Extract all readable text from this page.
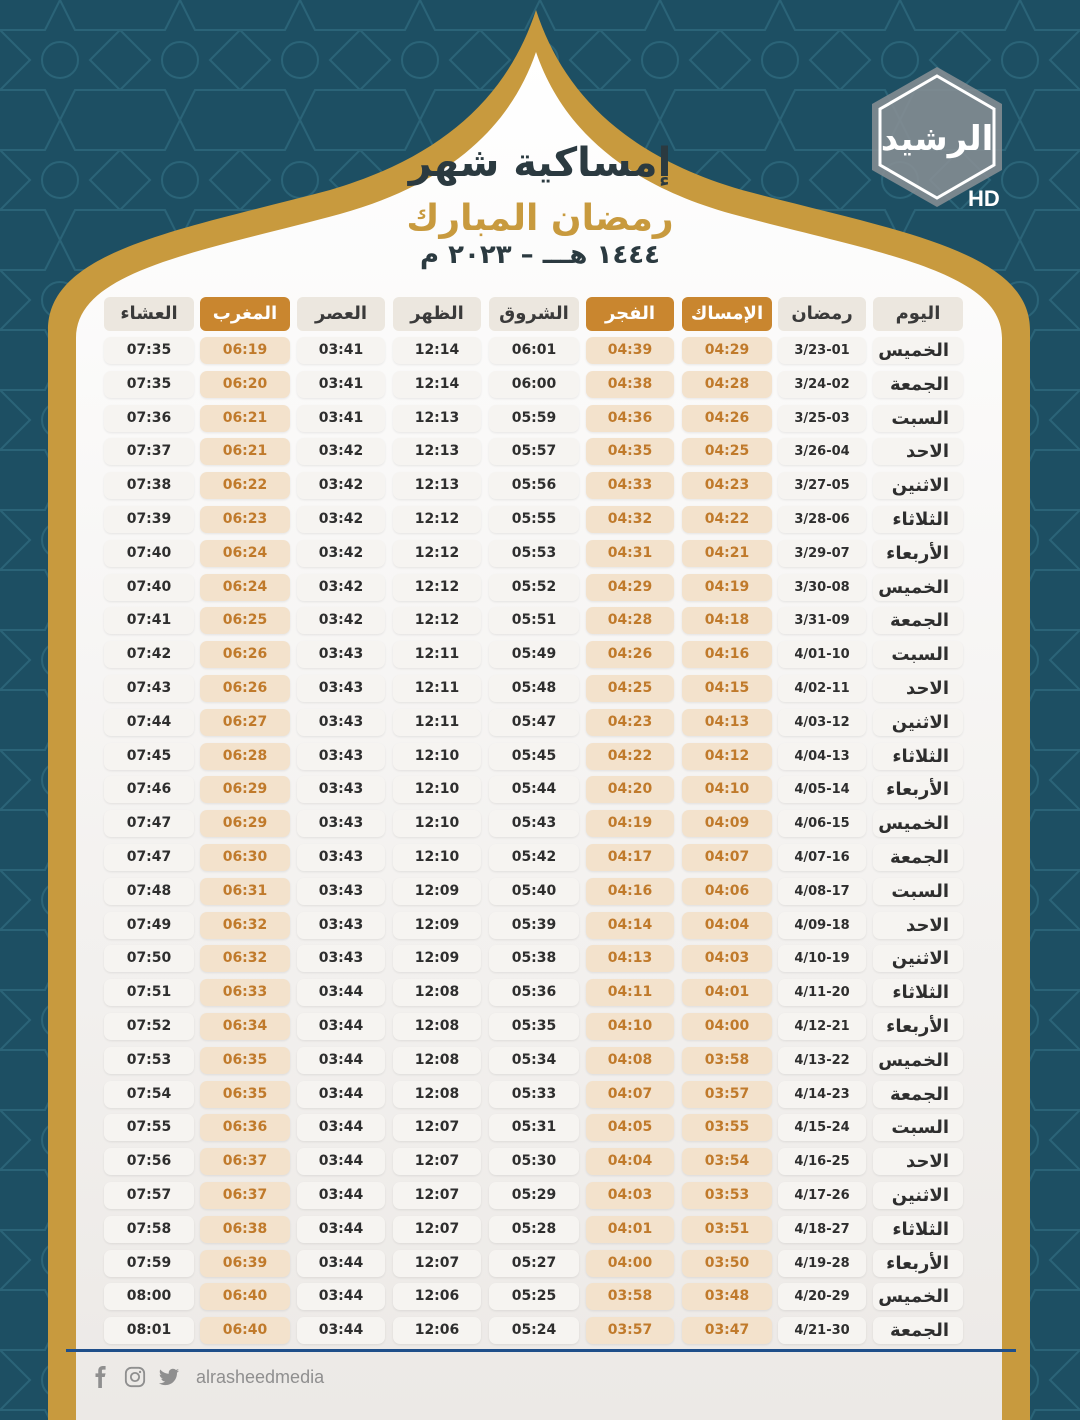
إمساكية شهر
رمضان المبارك
١٤٤٤ هـــ – ٢٠٢٣ م
الرشيد
HD
اليوم
رمضان
الإمساك
الفجر
الشروق
الظهر
العصر
المغرب
العشاء
الخميس
3/23-01
04:29
04:39
06:01
12:14
03:41
06:19
07:35
الجمعة
3/24-02
04:28
04:38
06:00
12:14
03:41
06:20
07:35
السبت
3/25-03
04:26
04:36
05:59
12:13
03:41
06:21
07:36
الاحد
3/26-04
04:25
04:35
05:57
12:13
03:42
06:21
07:37
الاثنين
3/27-05
04:23
04:33
05:56
12:13
03:42
06:22
07:38
الثلاثاء
3/28-06
04:22
04:32
05:55
12:12
03:42
06:23
07:39
الأربعاء
3/29-07
04:21
04:31
05:53
12:12
03:42
06:24
07:40
الخميس
3/30-08
04:19
04:29
05:52
12:12
03:42
06:24
07:40
الجمعة
3/31-09
04:18
04:28
05:51
12:12
03:42
06:25
07:41
السبت
4/01-10
04:16
04:26
05:49
12:11
03:43
06:26
07:42
الاحد
4/02-11
04:15
04:25
05:48
12:11
03:43
06:26
07:43
الاثنين
4/03-12
04:13
04:23
05:47
12:11
03:43
06:27
07:44
الثلاثاء
4/04-13
04:12
04:22
05:45
12:10
03:43
06:28
07:45
الأربعاء
4/05-14
04:10
04:20
05:44
12:10
03:43
06:29
07:46
الخميس
4/06-15
04:09
04:19
05:43
12:10
03:43
06:29
07:47
الجمعة
4/07-16
04:07
04:17
05:42
12:10
03:43
06:30
07:47
السبت
4/08-17
04:06
04:16
05:40
12:09
03:43
06:31
07:48
الاحد
4/09-18
04:04
04:14
05:39
12:09
03:43
06:32
07:49
الاثنين
4/10-19
04:03
04:13
05:38
12:09
03:43
06:32
07:50
الثلاثاء
4/11-20
04:01
04:11
05:36
12:08
03:44
06:33
07:51
الأربعاء
4/12-21
04:00
04:10
05:35
12:08
03:44
06:34
07:52
الخميس
4/13-22
03:58
04:08
05:34
12:08
03:44
06:35
07:53
الجمعة
4/14-23
03:57
04:07
05:33
12:08
03:44
06:35
07:54
السبت
4/15-24
03:55
04:05
05:31
12:07
03:44
06:36
07:55
الاحد
4/16-25
03:54
04:04
05:30
12:07
03:44
06:37
07:56
الاثنين
4/17-26
03:53
04:03
05:29
12:07
03:44
06:37
07:57
الثلاثاء
4/18-27
03:51
04:01
05:28
12:07
03:44
06:38
07:58
الأربعاء
4/19-28
03:50
04:00
05:27
12:07
03:44
06:39
07:59
الخميس
4/20-29
03:48
03:58
05:25
12:06
03:44
06:40
08:00
الجمعة
4/21-30
03:47
03:57
05:24
12:06
03:44
06:40
08:01
alrasheedmedia
